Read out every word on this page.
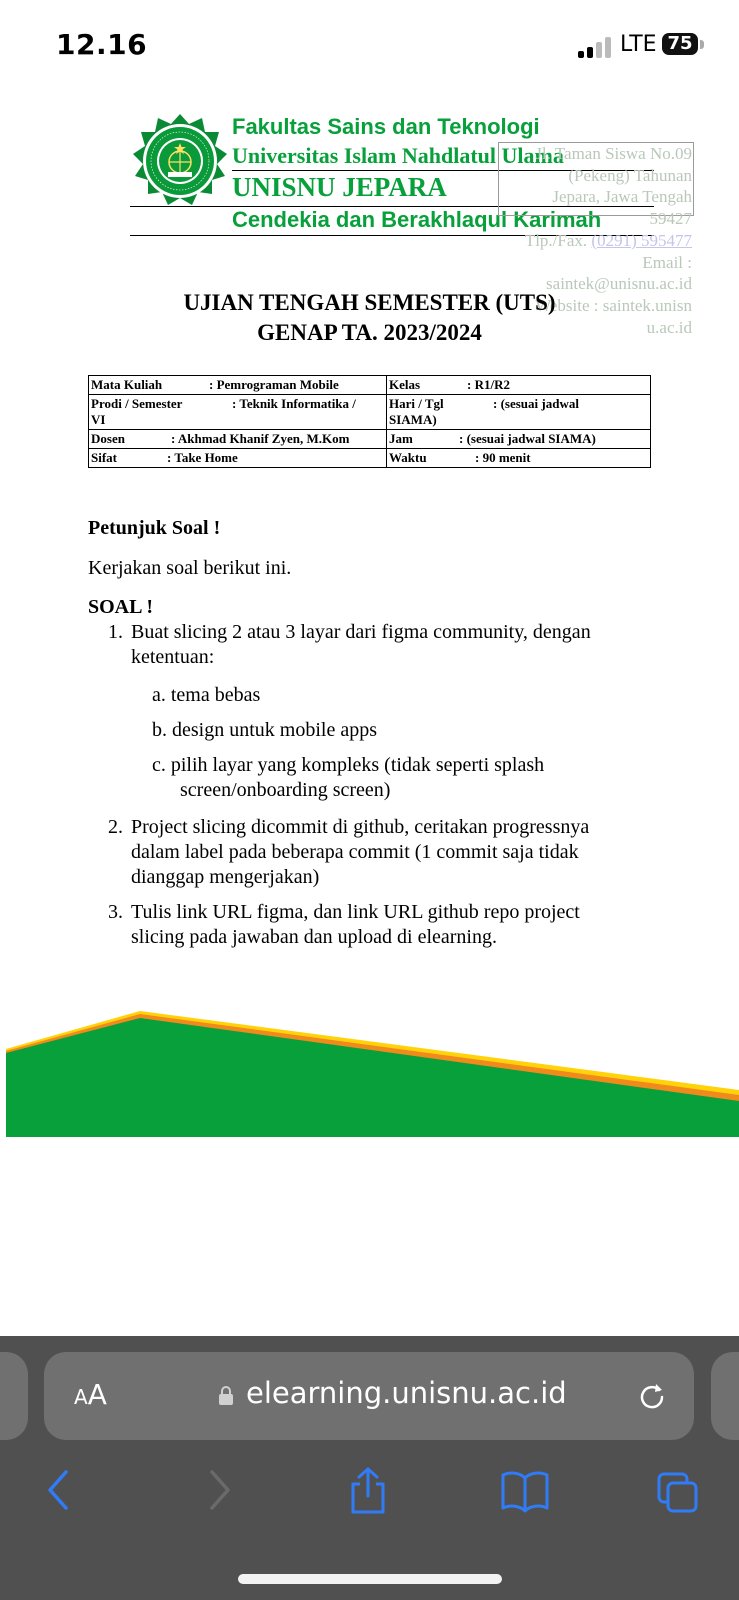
12.16	LTE 75
Fakultas Sains dan Teknologi
Universitas Islam Nahdlatul Ulama
UNISNU JEPARA
Cendekia dan Berakhlaqul Karimah
Jl. Taman Siswa No.09
(Pekeng) Tahunan
Jepara, Jawa Tengah
59427
Tlp./Fax. (0291) 595477
Email :
saintek@unisnu.ac.id
Website : saintek.unisn
u.ac.id
UJIAN TENGAH SEMESTER (UTS)
GENAP TA. 2023/2024
Mata Kuliah : Pemrograman Mobile	Kelas : R1/R2
Prodi / Semester : Teknik Informatika /
VI	Hari / Tgl : (sesuai jadwal
SIAMA)
Dosen : Akhmad Khanif Zyen, M.Kom	Jam : (sesuai jadwal SIAMA)
Sifat : Take Home	Waktu : 90 menit
Petunjuk Soal !
Kerjakan soal berikut ini.
SOAL !
1. Buat slicing 2 atau 3 layar dari figma community, dengan
ketentuan:
a. tema bebas
b. design untuk mobile apps
c. pilih layar yang kompleks (tidak seperti splash
screen/onboarding screen)
2. Project slicing dicommit di github, ceritakan progressnya
dalam label pada beberapa commit (1 commit saja tidak
dianggap mengerjakan)
3. Tulis link URL figma, dan link URL github repo project
slicing pada jawaban dan upload di elearning.
AA	elearning.unisnu.ac.id
